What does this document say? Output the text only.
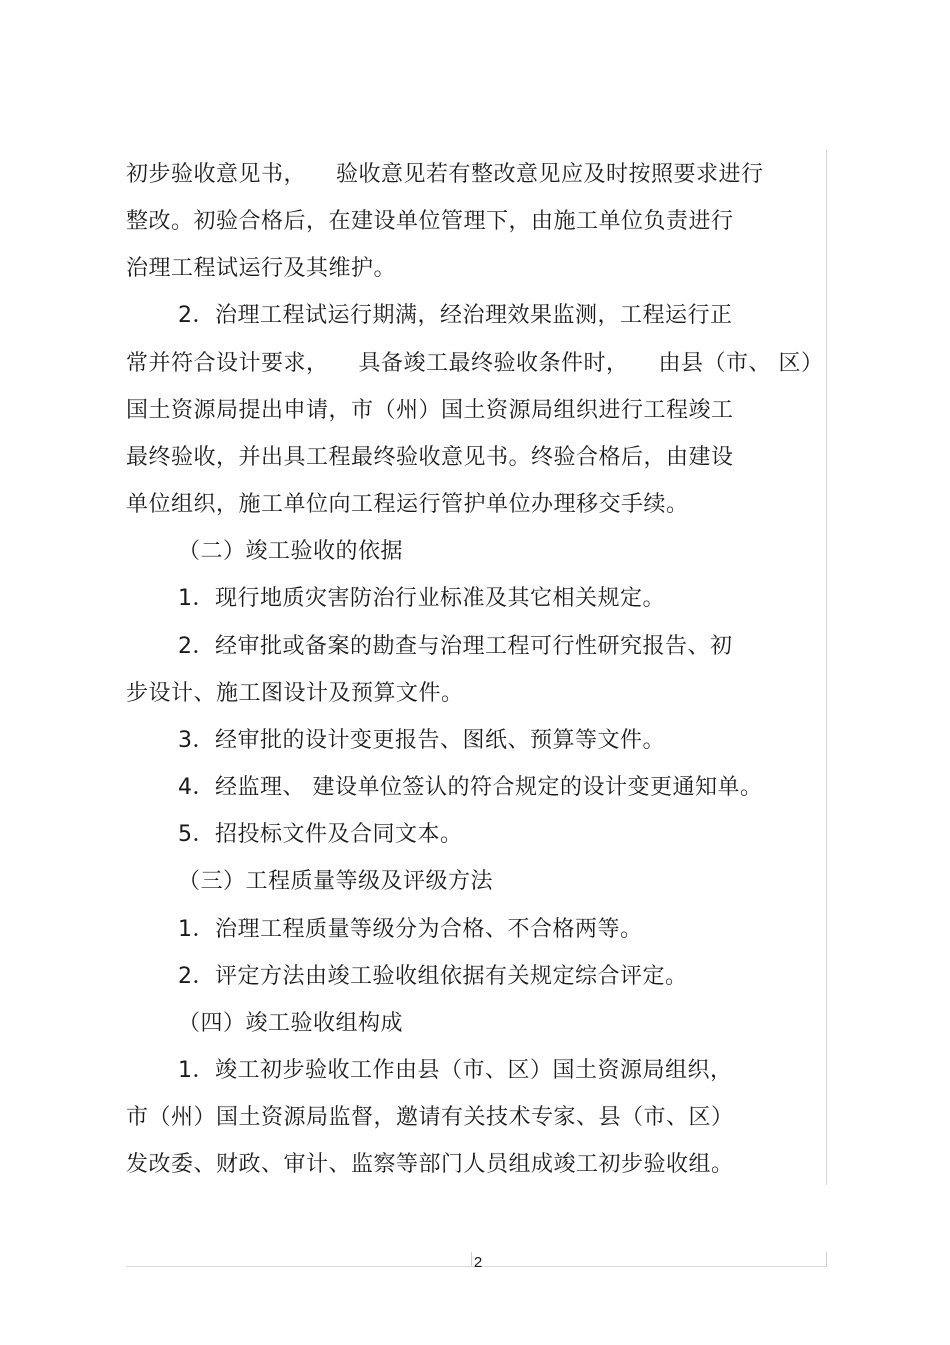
初步验收意见书，    验收意见若有整改意见应及时按照要求进行

整改。初验合格后，在建设单位管理下，由施工单位负责进行

治理工程试运行及其维护。

2．治理工程试运行期满，经治理效果监测，工程运行正

常并符合设计要求，    具备竣工最终验收条件时，    由县（市、 区）

国土资源局提出申请，市（州）国土资源局组织进行工程竣工

最终验收，并出具工程最终验收意见书。终验合格后，由建设

单位组织，施工单位向工程运行管护单位办理移交手续。

（二）竣工验收的依据

1．现行地质灾害防治行业标准及其它相关规定。

2．经审批或备案的勘查与治理工程可行性研究报告、初

步设计、施工图设计及预算文件。

3．经审批的设计变更报告、图纸、预算等文件。

4．经监理、 建设单位签认的符合规定的设计变更通知单。

5．招投标文件及合同文本。

（三）工程质量等级及评级方法

1．治理工程质量等级分为合格、不合格两等。

2．评定方法由竣工验收组依据有关规定综合评定。

（四）竣工验收组构成

1．竣工初步验收工作由县（市、区）国土资源局组织，

市（州）国土资源局监督，邀请有关技术专家、县（市、区）

发改委、财政、审计、监察等部门人员组成竣工初步验收组。

2
